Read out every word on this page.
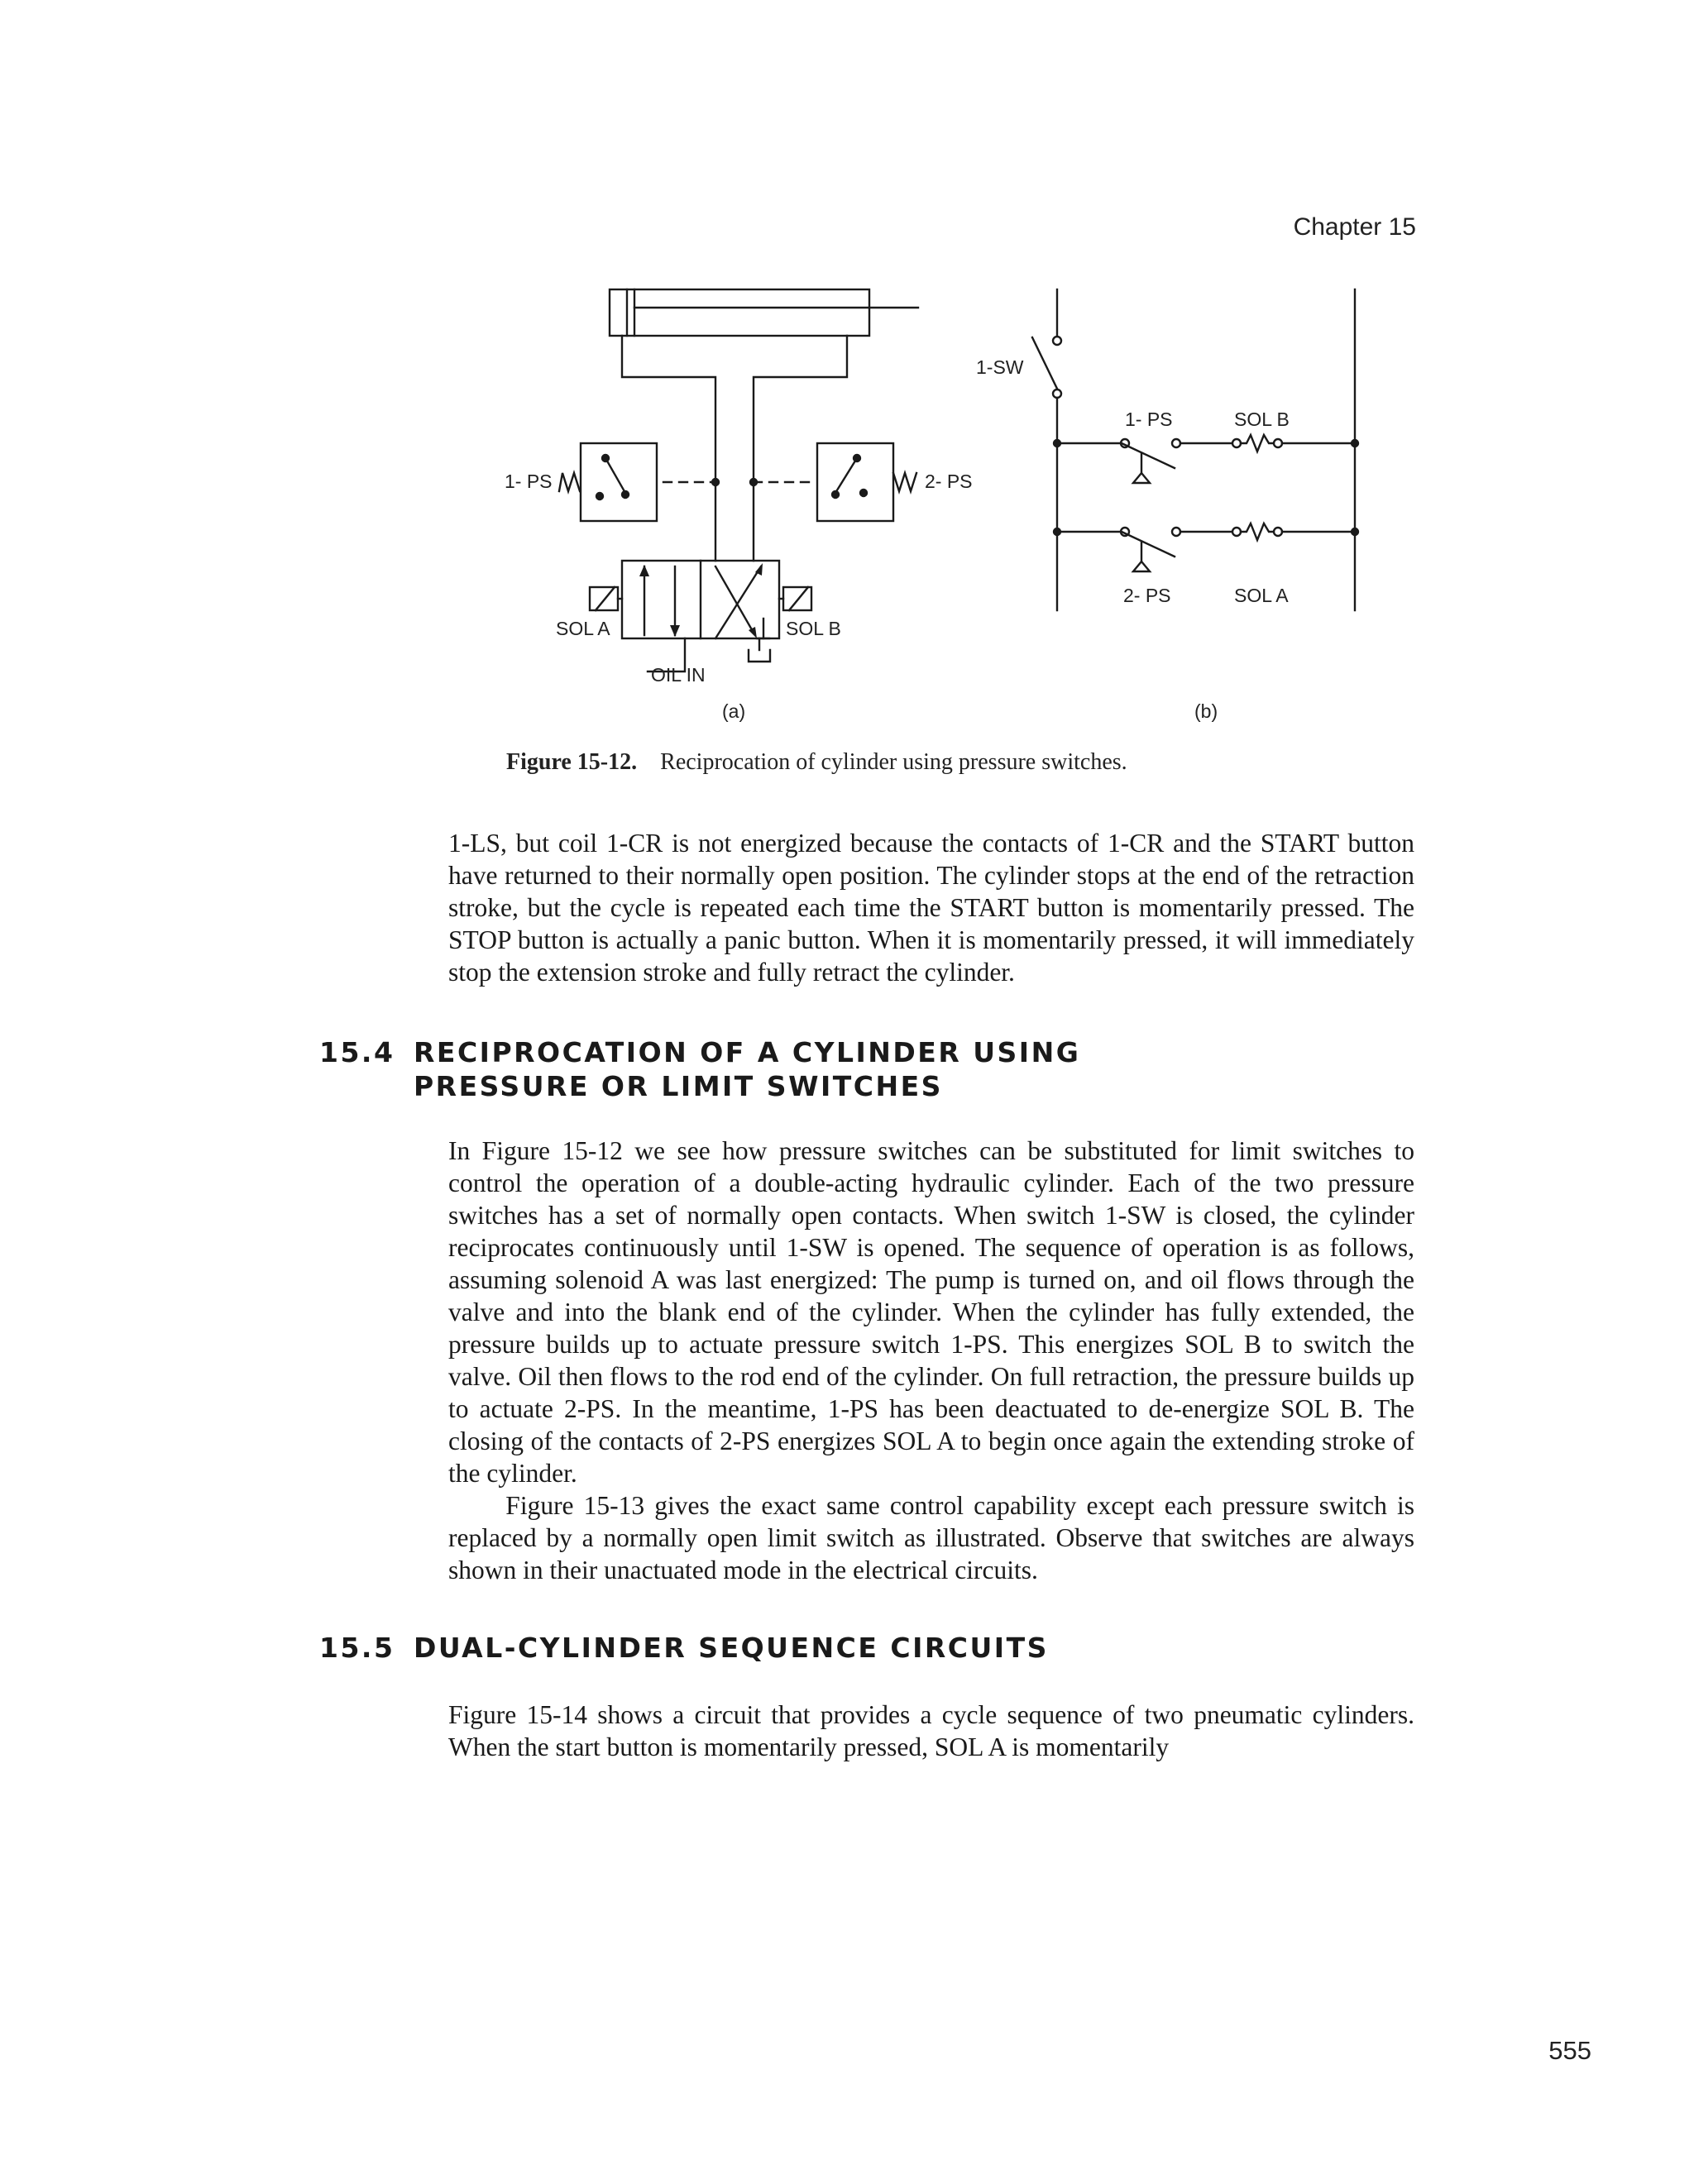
Chapter 15
1- PS	2- PS
SOL A	SOL B
OIL IN
(a)
1-SW
1- PS	SOL B
2- PS	SOL A
(b)
Figure 15-12. Reciprocation of cylinder using pressure switches.

1-LS, but coil 1-CR is not energized because the contacts of 1-CR and the START button have returned to their normally open position. The cylinder stops at the end of the retraction stroke, but the cycle is repeated each time the START button is momentarily pressed. The STOP button is actually a panic button. When it is momentarily pressed, it will immediately stop the extension stroke and fully retract the cylinder.

15.4 RECIPROCATION OF A CYLINDER USING
PRESSURE OR LIMIT SWITCHES

In Figure 15-12 we see how pressure switches can be substituted for limit switches to control the operation of a double-acting hydraulic cylinder. Each of the two pressure switches has a set of normally open contacts. When switch 1-SW is closed, the cylinder reciprocates continuously until 1-SW is opened. The sequence of operation is as follows, assuming solenoid A was last energized: The pump is turned on, and oil flows through the valve and into the blank end of the cylinder. When the cylinder has fully extended, the pressure builds up to actuate pressure switch 1-PS. This energizes SOL B to switch the valve. Oil then flows to the rod end of the cylinder. On full retraction, the pressure builds up to actuate 2-PS. In the meantime, 1-PS has been deactuated to de-energize SOL B. The closing of the contacts of 2-PS energizes SOL A to begin once again the extending stroke of the cylinder.

Figure 15-13 gives the exact same control capability except each pressure switch is replaced by a normally open limit switch as illustrated. Observe that switches are always shown in their unactuated mode in the electrical circuits.

15.5 DUAL-CYLINDER SEQUENCE CIRCUITS

Figure 15-14 shows a circuit that provides a cycle sequence of two pneumatic cylinders. When the start button is momentarily pressed, SOL A is momentarily

555
